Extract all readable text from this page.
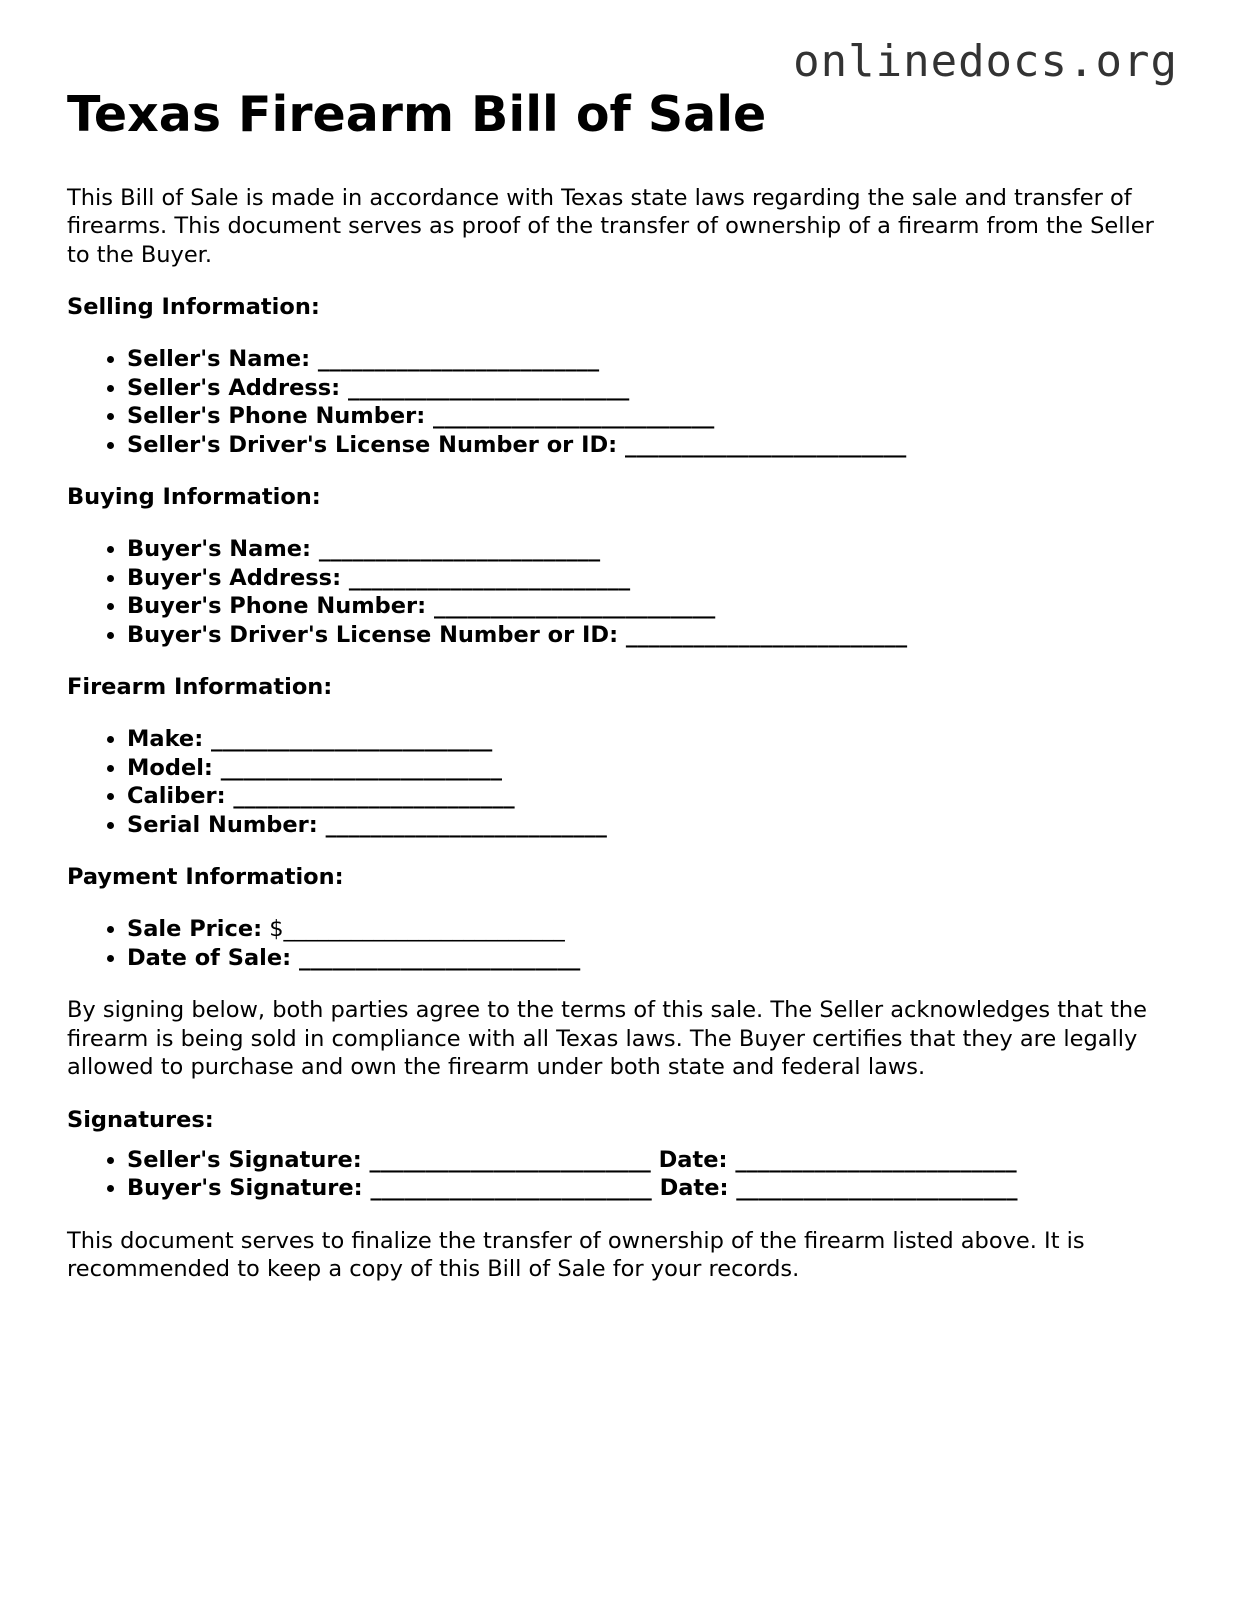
onlinedocs.org
Texas Firearm Bill of Sale

This Bill of Sale is made in accordance with Texas state laws regarding the sale and transfer of firearms. This document serves as proof of the transfer of ownership of a firearm from the Seller to the Buyer.

Selling Information:
• Seller's Name: _________________________
• Seller's Address: _________________________
• Seller's Phone Number: _________________________
• Seller's Driver's License Number or ID: _________________________
Buying Information:
• Buyer's Name: _________________________
• Buyer's Address: _________________________
• Buyer's Phone Number: _________________________
• Buyer's Driver's License Number or ID: _________________________
Firearm Information:
• Make: _________________________
• Model: _________________________
• Caliber: _________________________
• Serial Number: _________________________
Payment Information:
• Sale Price: $_________________________
• Date of Sale: _________________________

By signing below, both parties agree to the terms of this sale. The Seller acknowledges that the firearm is being sold in compliance with all Texas laws. The Buyer certifies that they are legally allowed to purchase and own the firearm under both state and federal laws.

Signatures:
• Seller's Signature: _________________________ Date: _________________________
• Buyer's Signature: _________________________ Date: _________________________

This document serves to finalize the transfer of ownership of the firearm listed above. It is recommended to keep a copy of this Bill of Sale for your records.
